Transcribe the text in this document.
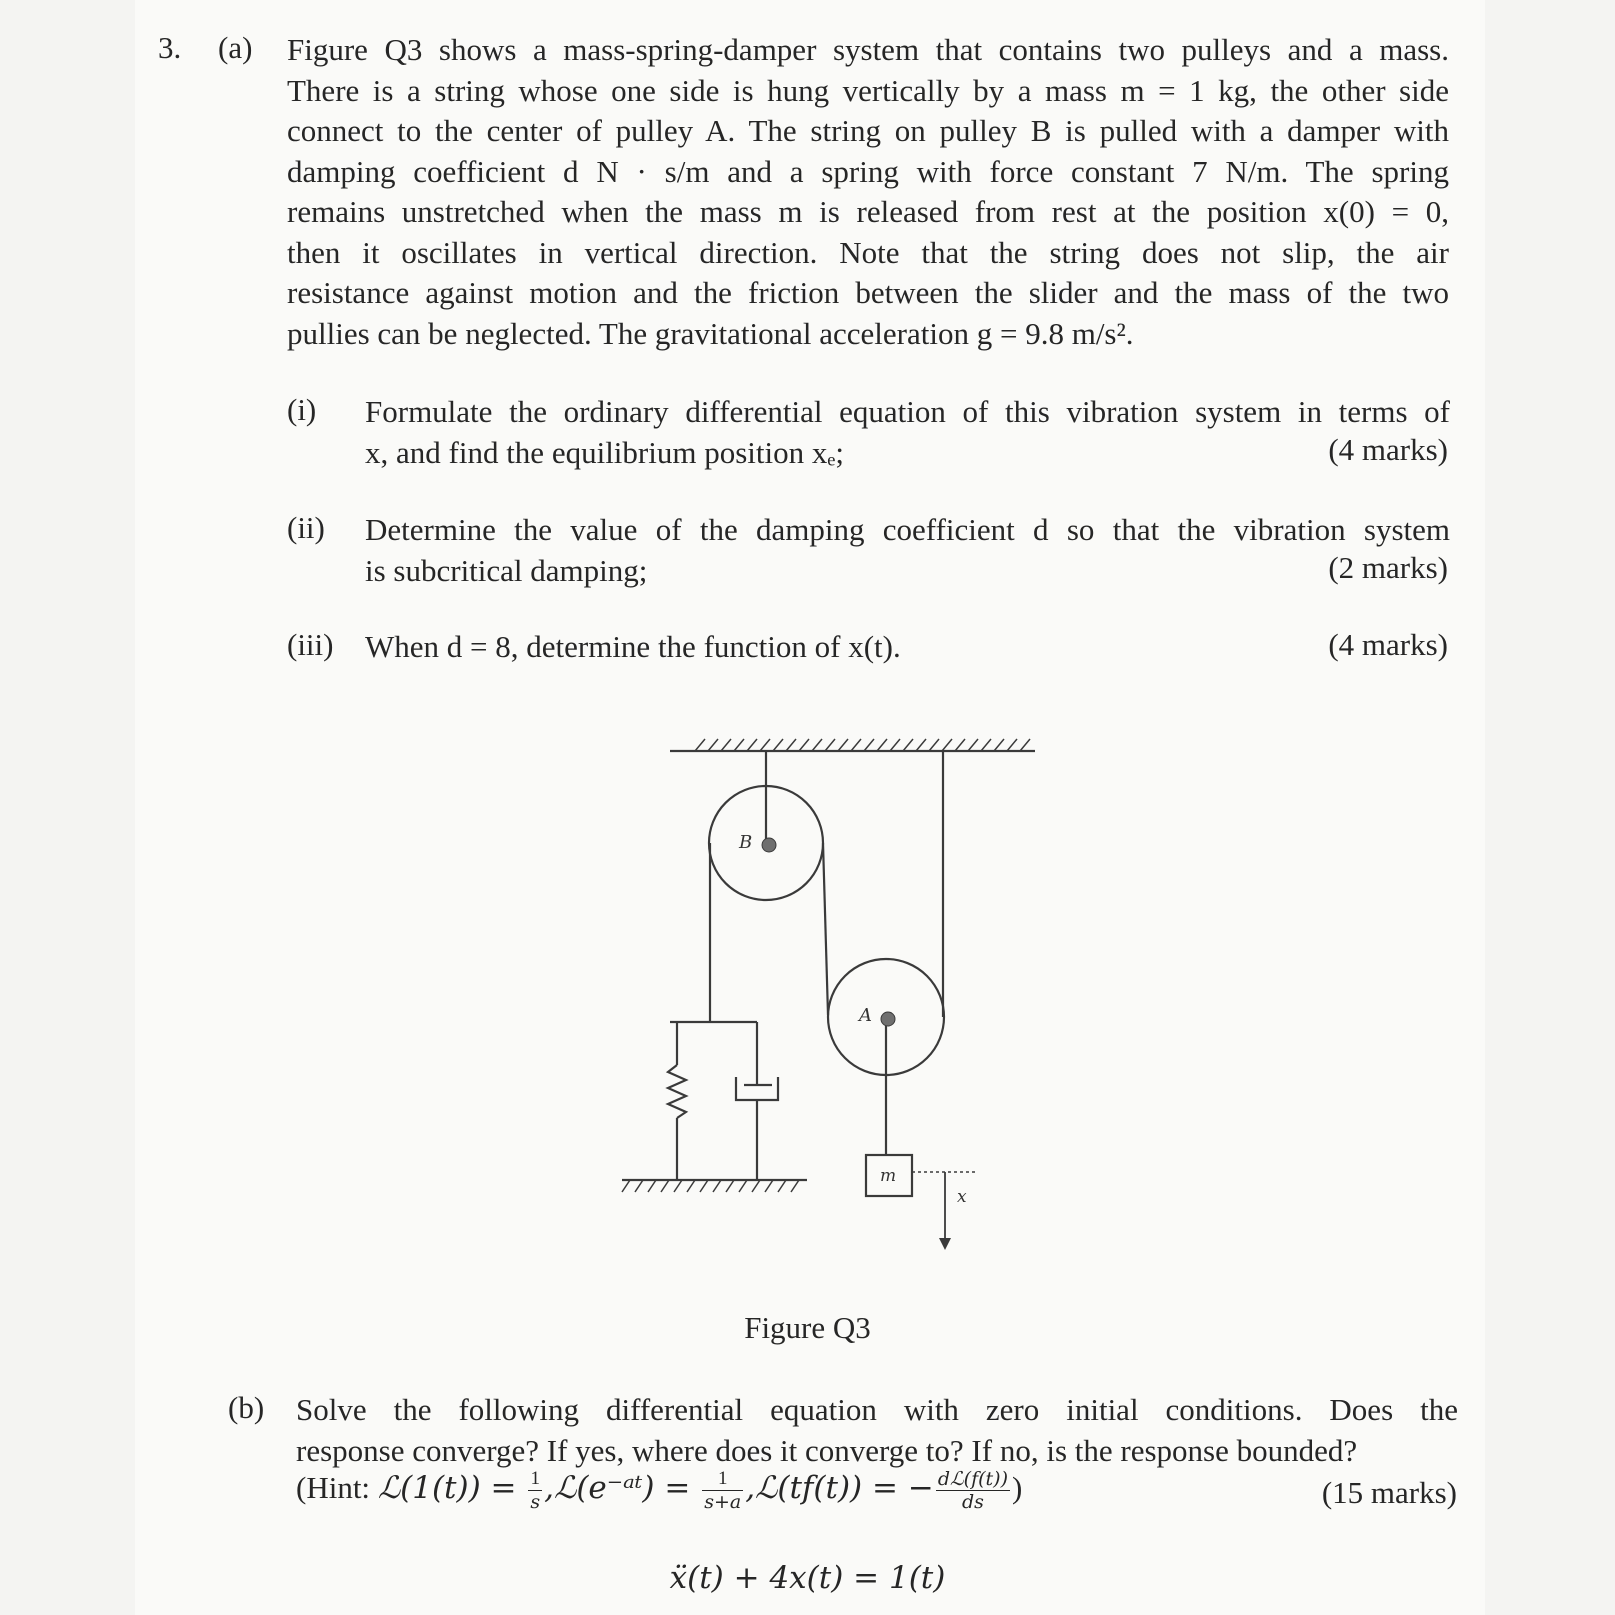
3. (a) Figure Q3 shows a mass-spring-damper system that contains two pulleys and a mass.
There is a string whose one side is hung vertically by a mass m = 1 kg, the other side
connect to the center of pulley A. The string on pulley B is pulled with a damper with
damping coefficient d N · s/m and a spring with force constant 7 N/m. The spring
remains unstretched when the mass m is released from rest at the position x(0) = 0,
then it oscillates in vertical direction. Note that the string does not slip, the air
resistance against motion and the friction between the slider and the mass of the two
pullies can be neglected. The gravitational acceleration g = 9.8 m/s².
(i) Formulate the ordinary differential equation of this vibration system in terms of
x, and find the equilibrium position xₑ;	(4 marks)
(ii) Determine the value of the damping coefficient d so that the vibration system
is subcritical damping;	(2 marks)
(iii) When d = 8, determine the function of x(t).	(4 marks)
B
A
m
x
Figure Q3
(b) Solve the following differential equation with zero initial conditions. Does the
response converge? If yes, where does it converge to? If no, is the response bounded?
(Hint: ℒ(1(t)) = $\frac{1}{s}$ ,ℒ(e⁻ᵃᵗ) = $\frac{1}{s+a}$ ,ℒ(tf(t)) = − $\frac{\text{dℒ(f(t))}}{ds}$ )	(15 marks)
ẍ(t) + 4x(t) = 1(t)
